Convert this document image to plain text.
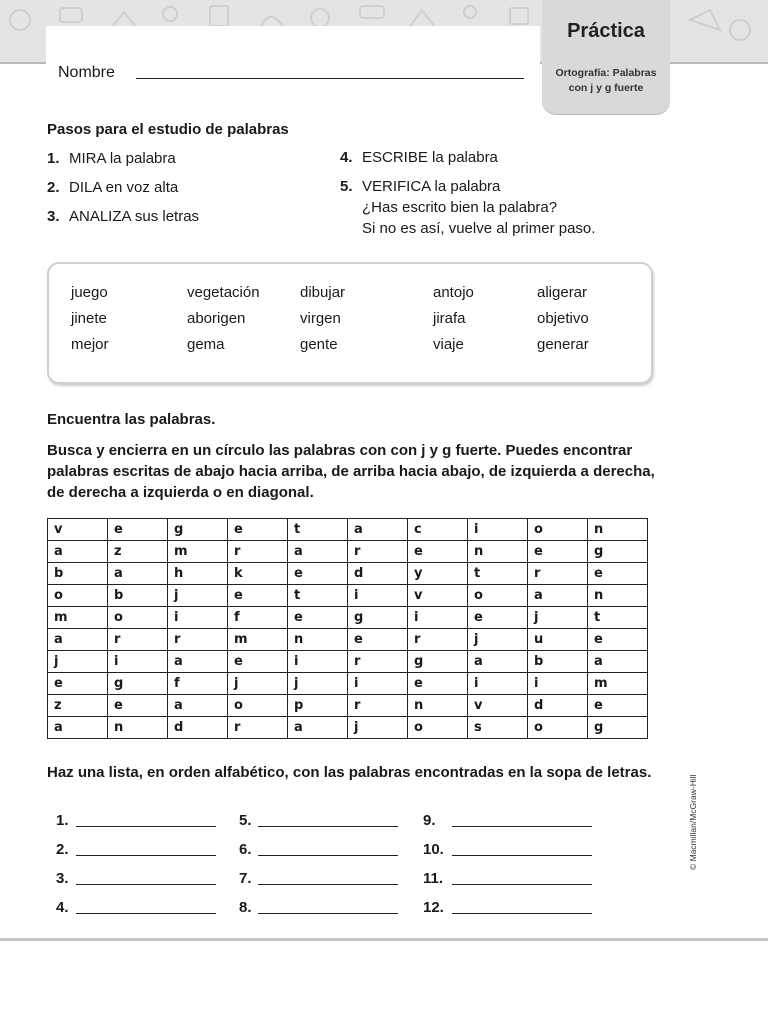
Nombre
Práctica
Ortografía: Palabras
con j y g fuerte
Pasos para el estudio de palabras
1. MIRA la palabra
2. DILA en voz alta
3. ANALIZA sus letras
4. ESCRIBE la palabra
5. VERIFICA la palabra
¿Has escrito bien la palabra?
Si no es así, vuelve al primer paso.
juego	vegetación	dibujar	antojo	aligerar
jinete	aborigen	virgen	jirafa	objetivo
mejor	gema	gente	viaje	generar
Encuentra las palabras.
Busca y encierra en un círculo las palabras con con j y g fuerte. Puedes encontrar palabras escritas de abajo hacia arriba, de arriba hacia abajo, de izquierda a derecha, de derecha a izquierda o en diagonal.
v	e	g	e	t	a	c	i	o	n
a	z	m	r	a	r	e	n	e	g
b	a	h	k	e	d	y	t	r	e
o	b	j	e	t	i	v	o	a	n
m	o	i	f	e	g	i	e	j	t
a	r	r	m	n	e	r	j	u	e
j	i	a	e	i	r	g	a	b	a
e	g	f	j	j	i	e	i	i	m
z	e	a	o	p	r	n	v	d	e
a	n	d	r	a	j	o	s	o	g
Haz una lista, en orden alfabético, con las palabras encontradas en la sopa de letras.
1.
2.
3.
4.
5.
6.
7.
8.
9.
10.
11.
12.
© Macmillan/McGraw-Hill
